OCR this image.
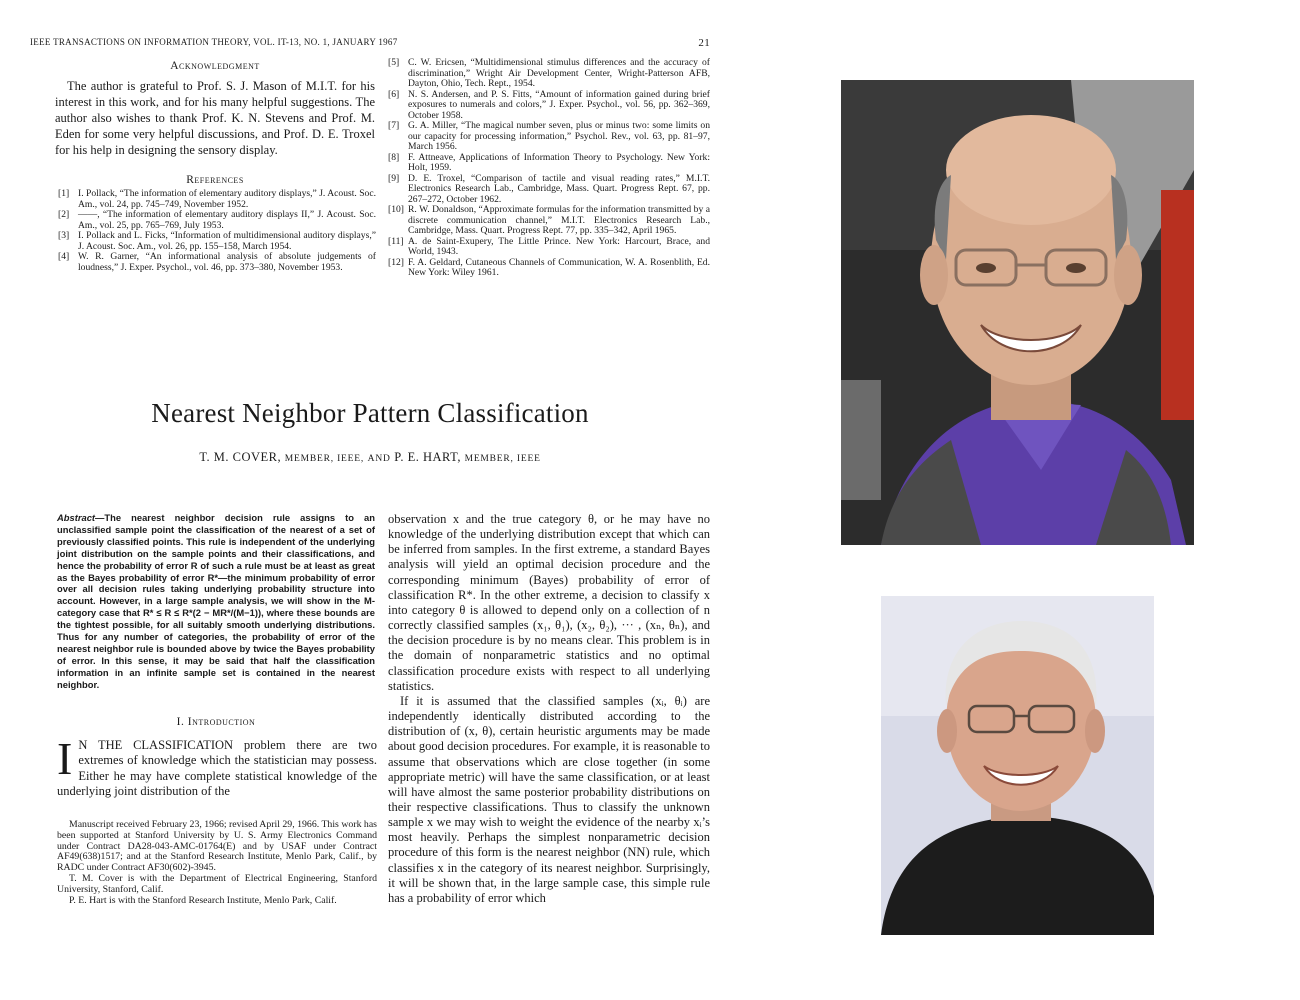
IEEE TRANSACTIONS ON INFORMATION THEORY, VOL. IT-13, NO. 1, JANUARY 1967	21
Acknowledgment
The author is grateful to Prof. S. J. Mason of M.I.T. for his interest in this work, and for his many helpful suggestions. The author also wishes to thank Prof. K. N. Stevens and Prof. M. Eden for some very helpful discussions, and Prof. D. E. Troxel for his help in designing the sensory display.
References
[1] I. Pollack, “The information of elementary auditory displays,” J. Acoust. Soc. Am., vol. 24, pp. 745–749, November 1952.
[2] ——, “The information of elementary auditory displays II,” J. Acoust. Soc. Am., vol. 25, pp. 765–769, July 1953.
[3] I. Pollack and L. Ficks, “Information of multidimensional auditory displays,” J. Acoust. Soc. Am., vol. 26, pp. 155–158, March 1954.
[4] W. R. Garner, “An informational analysis of absolute judgements of loudness,” J. Exper. Psychol., vol. 46, pp. 373–380, November 1953.
[5] C. W. Ericsen, “Multidimensional stimulus differences and the accuracy of discrimination,” Wright Air Development Center, Wright-Patterson AFB, Dayton, Ohio, Tech. Rept., 1954.
[6] N. S. Andersen, and P. S. Fitts, “Amount of information gained during brief exposures to numerals and colors,” J. Exper. Psychol., vol. 56, pp. 362–369, October 1958.
[7] G. A. Miller, “The magical number seven, plus or minus two: some limits on our capacity for processing information,” Psychol. Rev., vol. 63, pp. 81–97, March 1956.
[8] F. Attneave, Applications of Information Theory to Psychology. New York: Holt, 1959.
[9] D. E. Troxel, “Comparison of tactile and visual reading rates,” M.I.T. Electronics Research Lab., Cambridge, Mass. Quart. Progress Rept. 67, pp. 267–272, October 1962.
[10] R. W. Donaldson, “Approximate formulas for the information transmitted by a discrete communication channel,” M.I.T. Electronics Research Lab., Cambridge, Mass. Quart. Progress Rept. 77, pp. 335–342, April 1965.
[11] A. de Saint-Exupery, The Little Prince. New York: Harcourt, Brace, and World, 1943.
[12] F. A. Geldard, Cutaneous Channels of Communication, W. A. Rosenblith, Ed. New York: Wiley 1961.
Nearest Neighbor Pattern Classification
T. M. COVER, MEMBER, IEEE, AND P. E. HART, MEMBER, IEEE
Abstract—The nearest neighbor decision rule assigns to an unclassified sample point the classification of the nearest of a set of previously classified points. This rule is independent of the underlying joint distribution on the sample points and their classifications, and hence the probability of error R of such a rule must be at least as great as the Bayes probability of error R*—the minimum probability of error over all decision rules taking underlying probability structure into account. However, in a large sample analysis, we will show in the M-category case that R* ≤ R ≤ R*(2 − MR*/(M−1)), where these bounds are the tightest possible, for all suitably smooth underlying distributions. Thus for any number of categories, the probability of error of the nearest neighbor rule is bounded above by twice the Bayes probability of error. In this sense, it may be said that half the classification information in an infinite sample set is contained in the nearest neighbor.
I. Introduction
I N THE CLASSIFICATION problem there are two extremes of knowledge which the statistician may possess. Either he may have complete statistical knowledge of the underlying joint distribution of the

Manuscript received February 23, 1966; revised April 29, 1966. This work has been supported at Stanford University by U. S. Army Electronics Command under Contract DA28-043-AMC-01764(E) and by USAF under Contract AF49(638)1517; and at the Stanford Research Institute, Menlo Park, Calif., by RADC under Contract AF30(602)-3945.

T. M. Cover is with the Department of Electrical Engineering, Stanford University, Stanford, Calif.

P. E. Hart is with the Stanford Research Institute, Menlo Park, Calif.

observation x and the true category θ, or he may have no knowledge of the underlying distribution except that which can be inferred from samples. In the first extreme, a standard Bayes analysis will yield an optimal decision procedure and the corresponding minimum (Bayes) probability of error of classification R*. In the other extreme, a decision to classify x into category θ is allowed to depend only on a collection of n correctly classified samples (x₁, θ₁), (x₂, θ₂), ··· , (xₙ, θₙ), and the decision procedure is by no means clear. This problem is in the domain of nonparametric statistics and no optimal classification procedure exists with respect to all underlying statistics.

If it is assumed that the classified samples (xᵢ, θᵢ) are independently identically distributed according to the distribution of (x, θ), certain heuristic arguments may be made about good decision procedures. For example, it is reasonable to assume that observations which are close together (in some appropriate metric) will have the same classification, or at least will have almost the same posterior probability distributions on their respective classifications. Thus to classify the unknown sample x we may wish to weight the evidence of the nearby xᵢ’s most heavily. Perhaps the simplest nonparametric decision procedure of this form is the nearest neighbor (NN) rule, which classifies x in the category of its nearest neighbor. Surprisingly, it will be shown that, in the large sample case, this simple rule has a probability of error which
